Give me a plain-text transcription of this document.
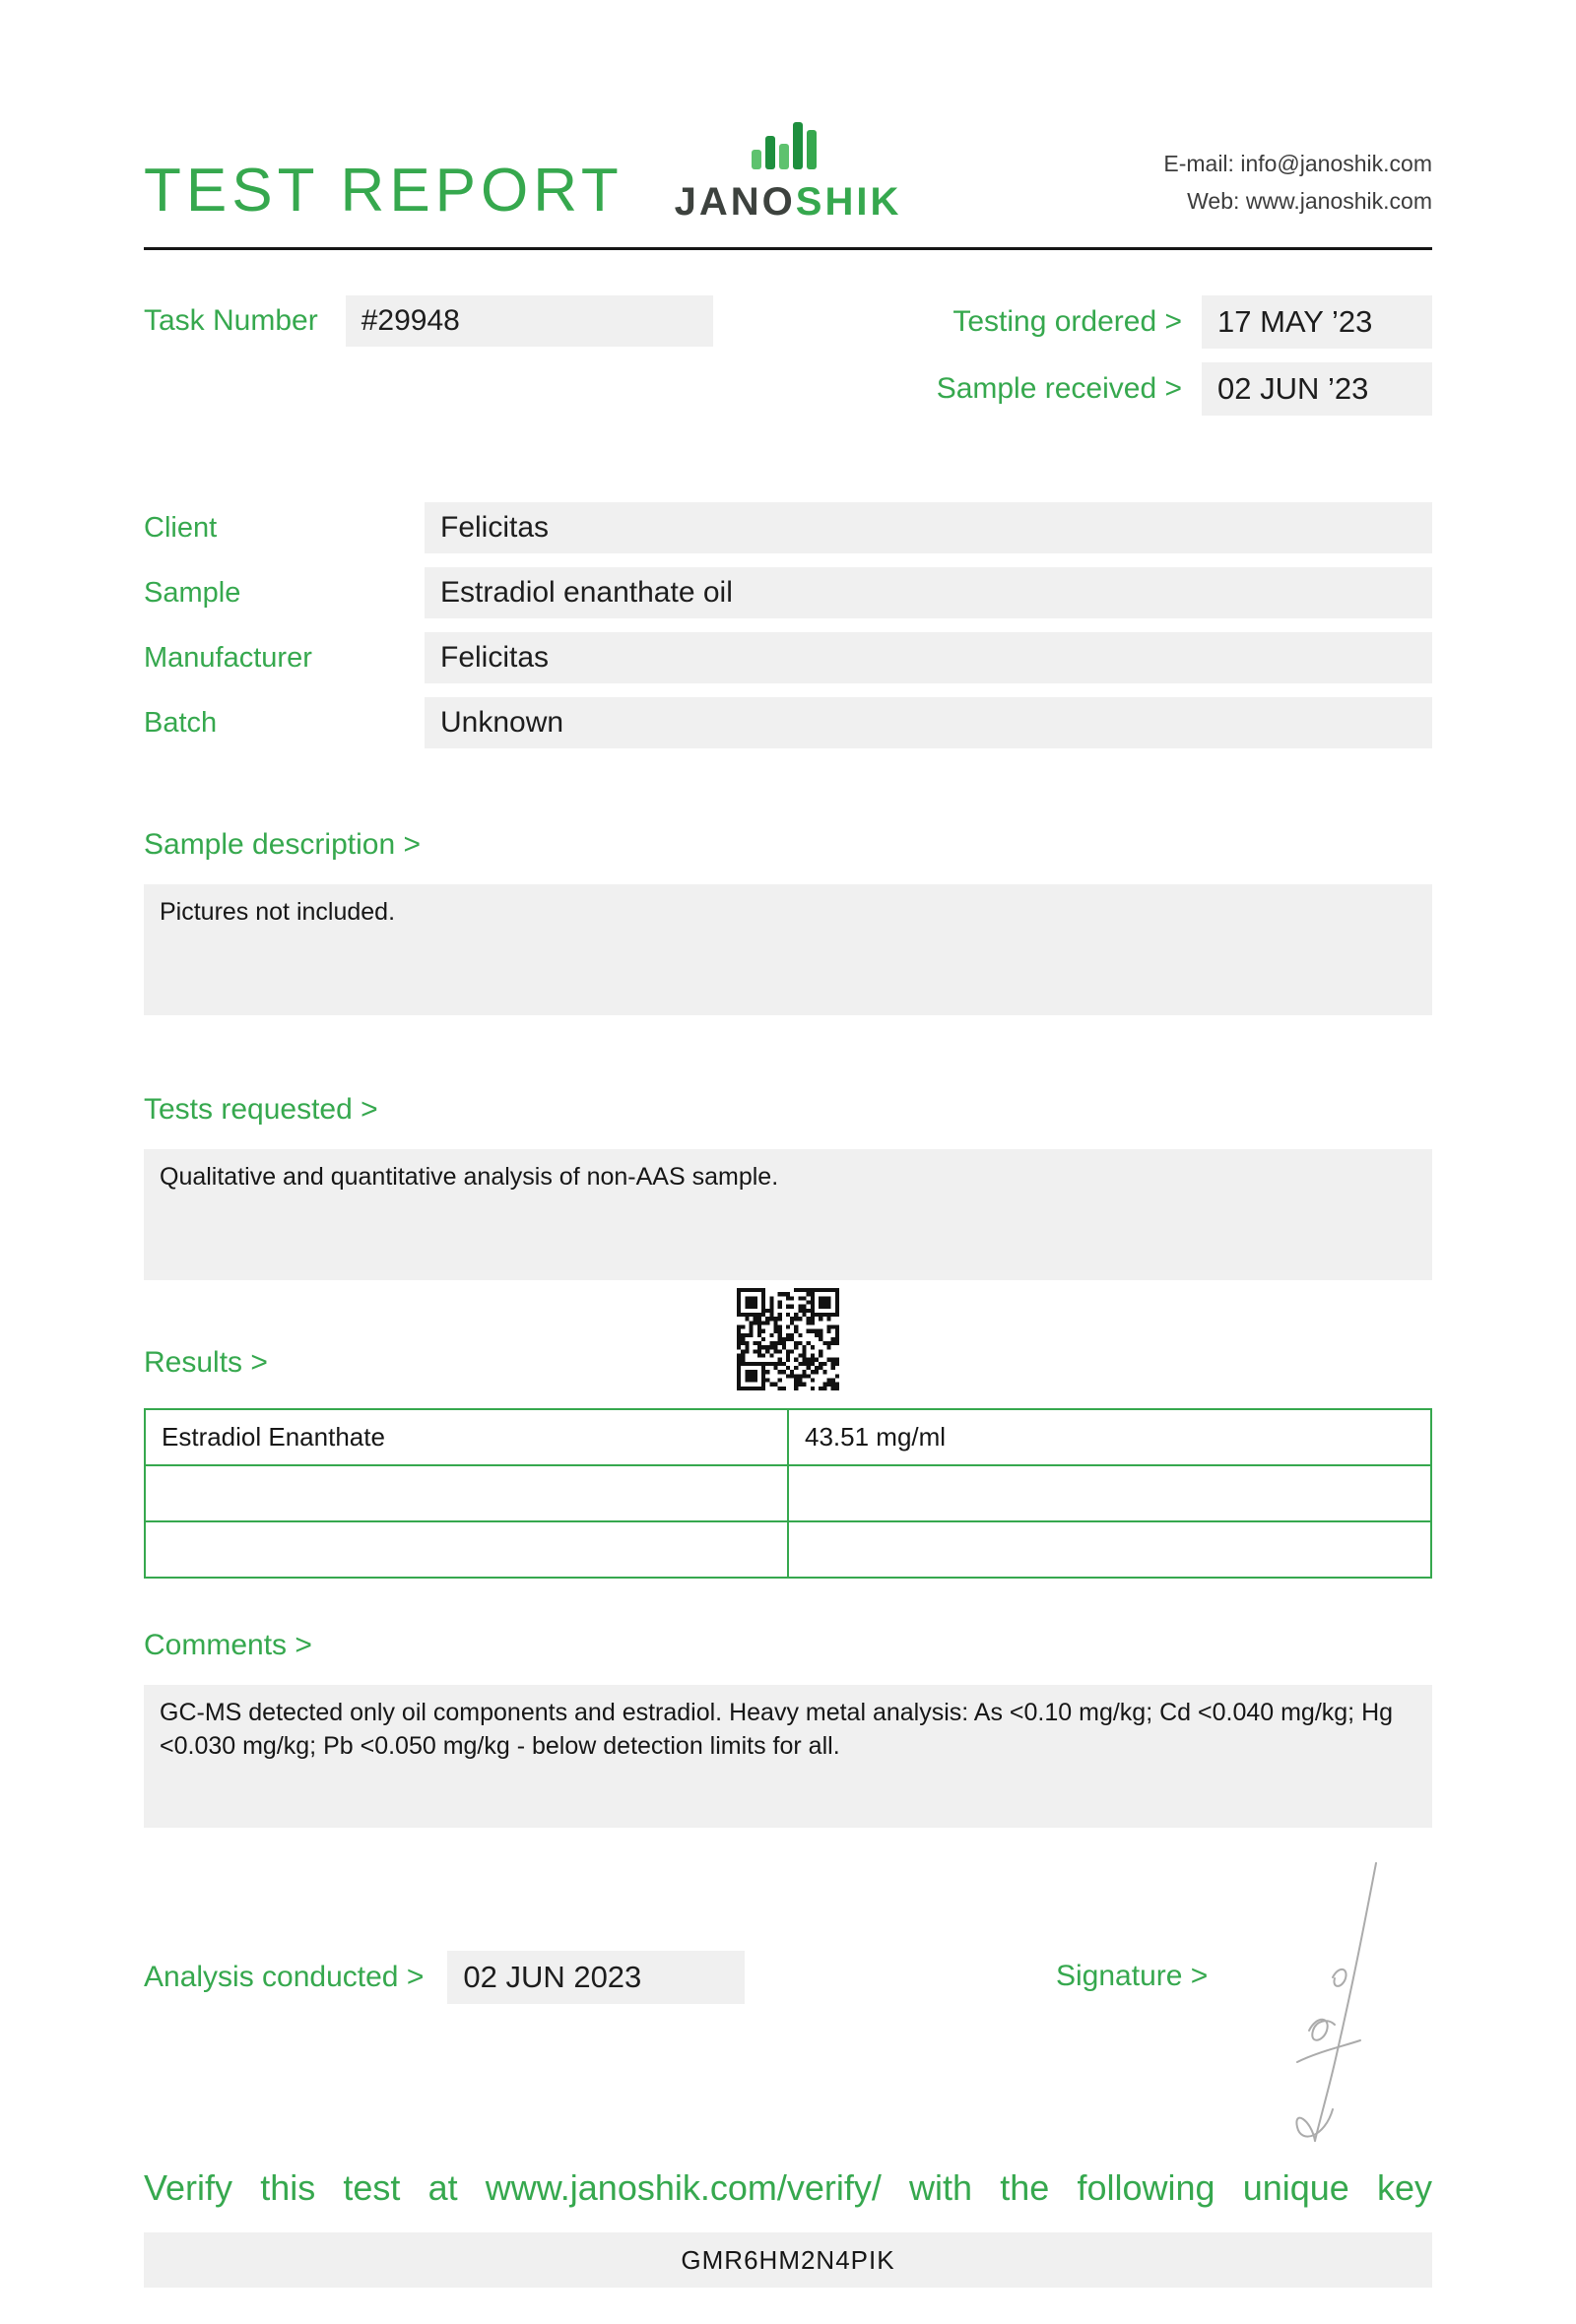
TEST REPORT	JANOSHIK
E-mail: info@janoshik.com
Web: www.janoshik.com
Task Number	#29948	Testing ordered >	17 MAY ’23
Sample received >	02 JUN ’23
Client	Felicitas
Sample	Estradiol enanthate oil
Manufacturer	Felicitas
Batch	Unknown
Sample description >
Pictures not included.
Tests requested >
Qualitative and quantitative analysis of non-AAS sample.
Results >
Estradiol Enanthate	43.51 mg/ml

Comments >
GC-MS detected only oil components and estradiol. Heavy metal analysis: As <0.10 mg/kg; Cd <0.040 mg/kg; Hg <0.030 mg/kg; Pb <0.050 mg/kg - below detection limits for all.
Analysis conducted >	02 JUN 2023	Signature >
Verify this test at www.janoshik.com/verify/ with the following unique key
GMR6HM2N4PIK
